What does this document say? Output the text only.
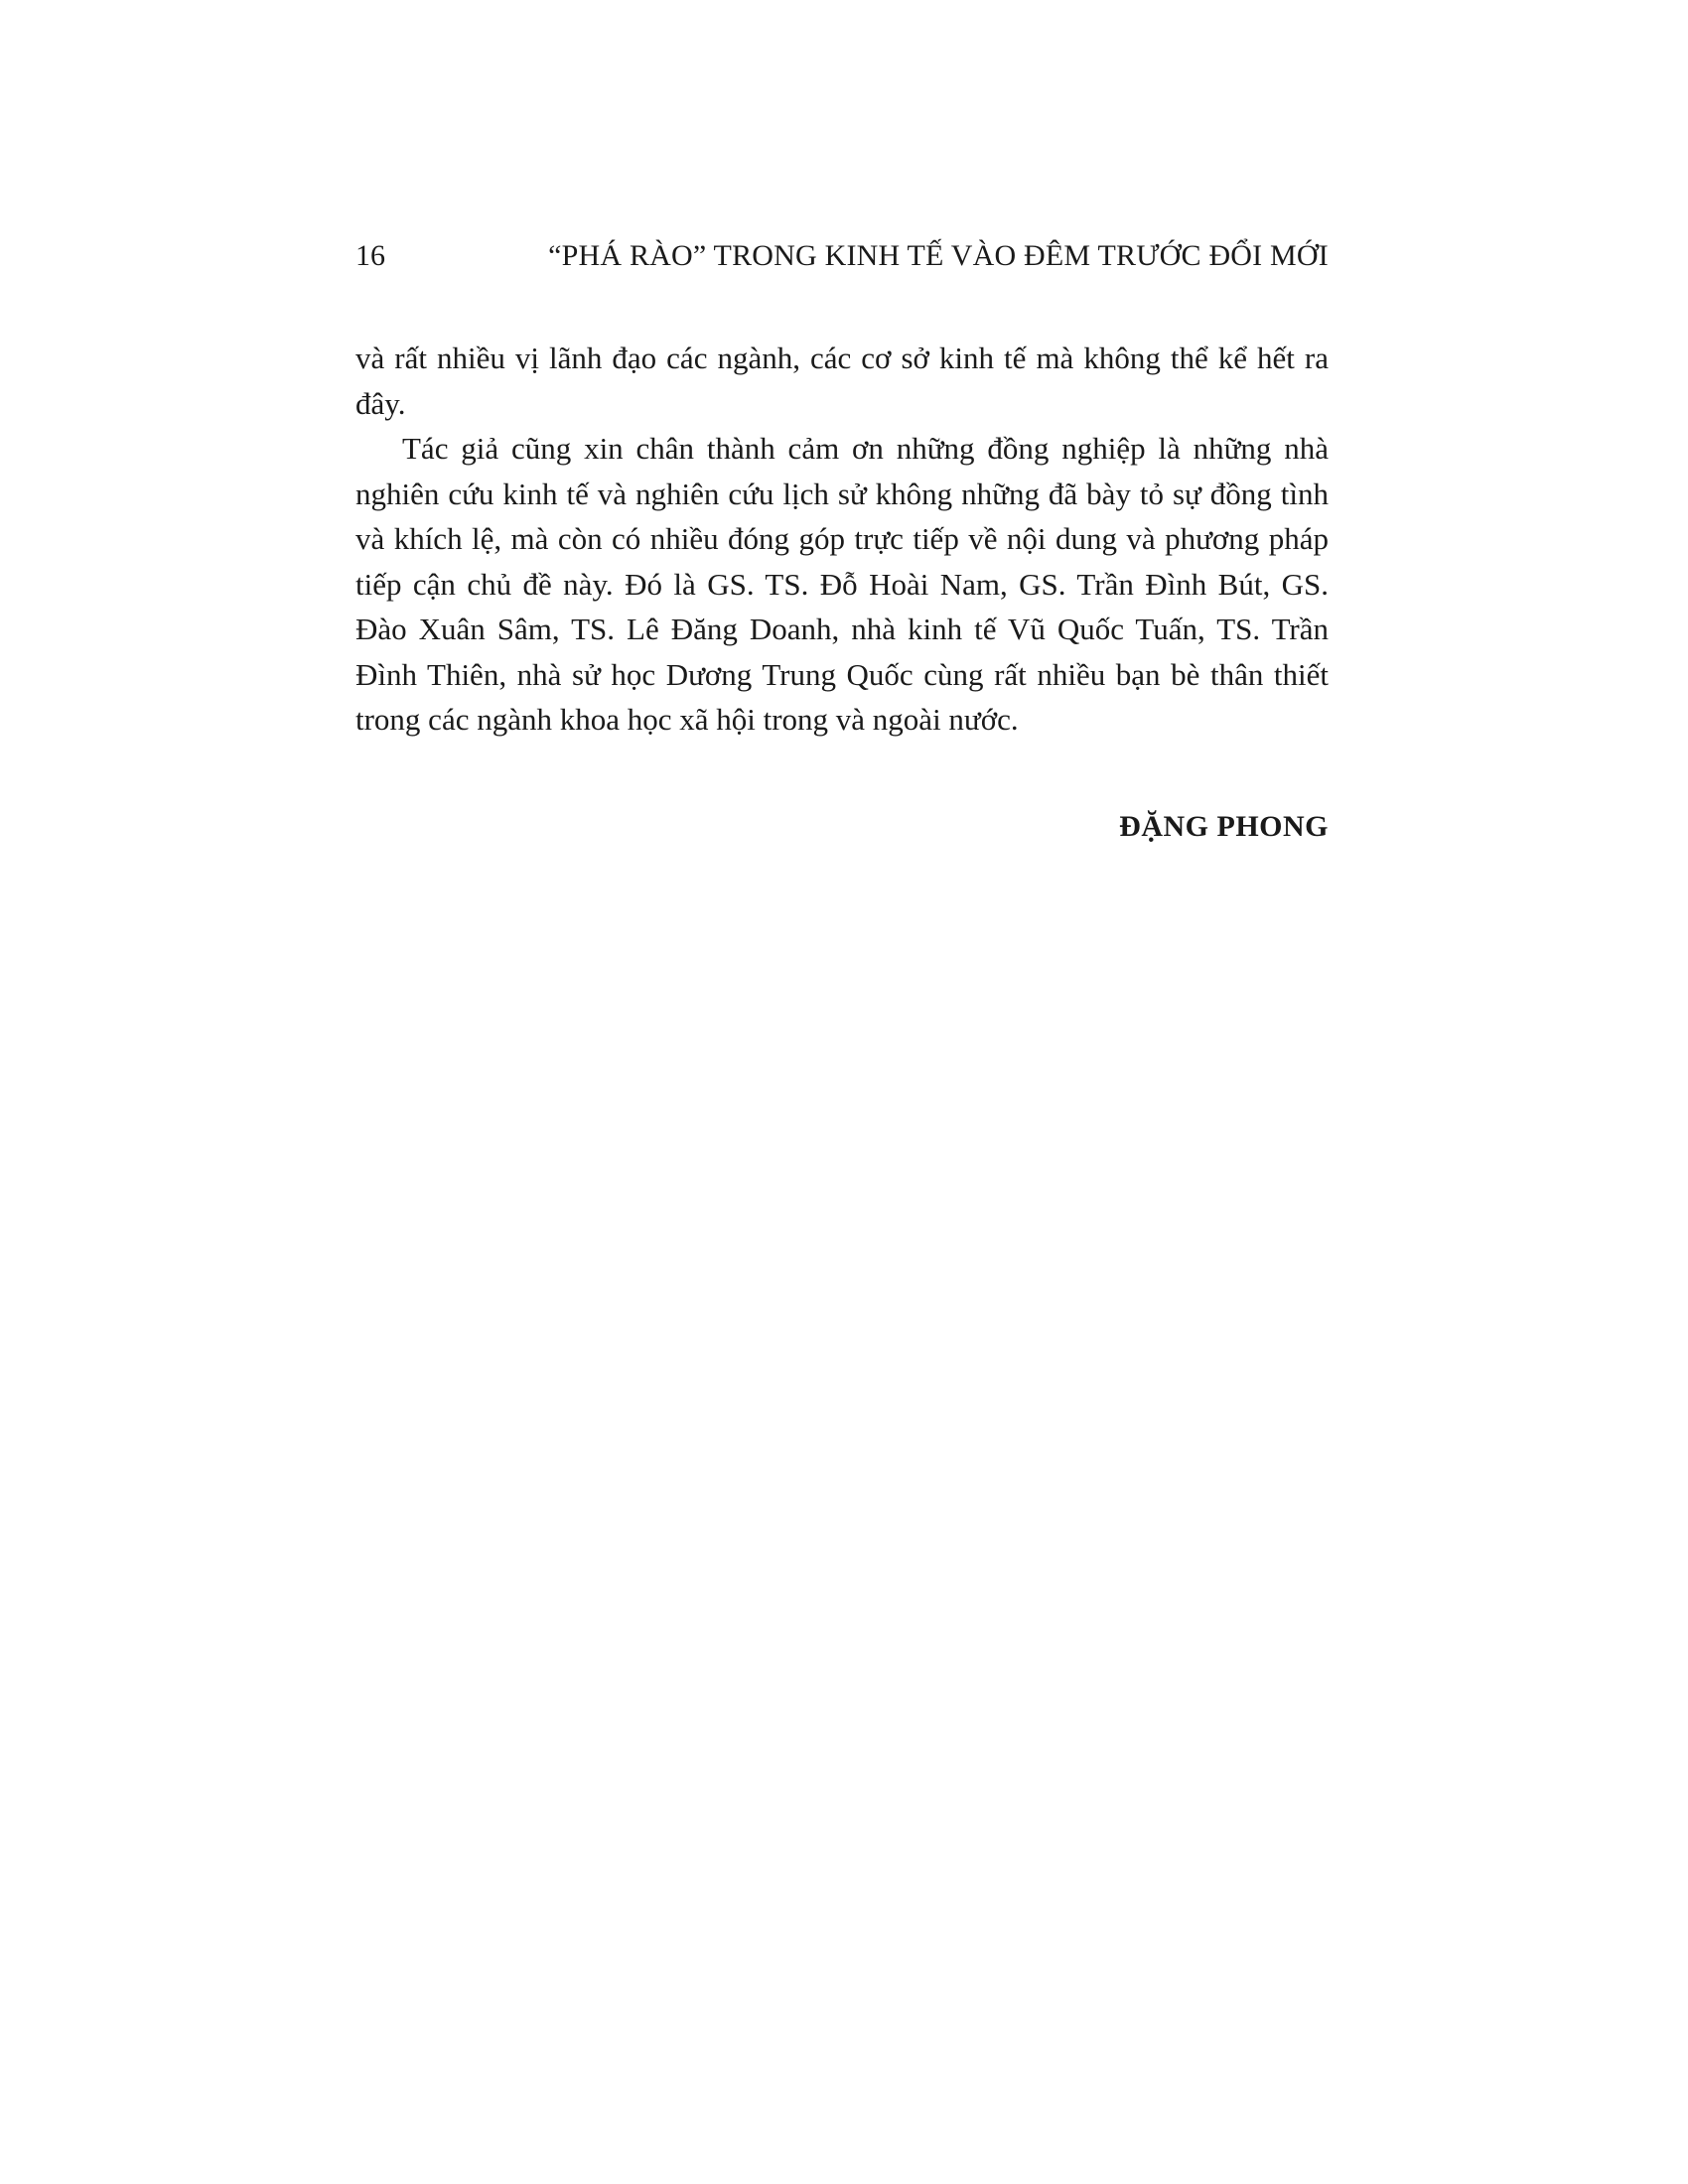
16	“PHÁ RÀO” TRONG KINH TẾ VÀO ĐÊM TRƯỚC ĐỔI MỚI

và rất nhiều vị lãnh đạo các ngành, các cơ sở kinh tế mà không thể kể hết ra đây.

Tác giả cũng xin chân thành cảm ơn những đồng nghiệp là những nhà nghiên cứu kinh tế và nghiên cứu lịch sử không những đã bày tỏ sự đồng tình và khích lệ, mà còn có nhiều đóng góp trực tiếp về nội dung và phương pháp tiếp cận chủ đề này. Đó là GS. TS. Đỗ Hoài Nam, GS. Trần Đình Bút, GS. Đào Xuân Sâm, TS. Lê Đăng Doanh, nhà kinh tế Vũ Quốc Tuấn, TS. Trần Đình Thiên, nhà sử học Dương Trung Quốc cùng rất nhiều bạn bè thân thiết trong các ngành khoa học xã hội trong và ngoài nước.

ĐẶNG PHONG
